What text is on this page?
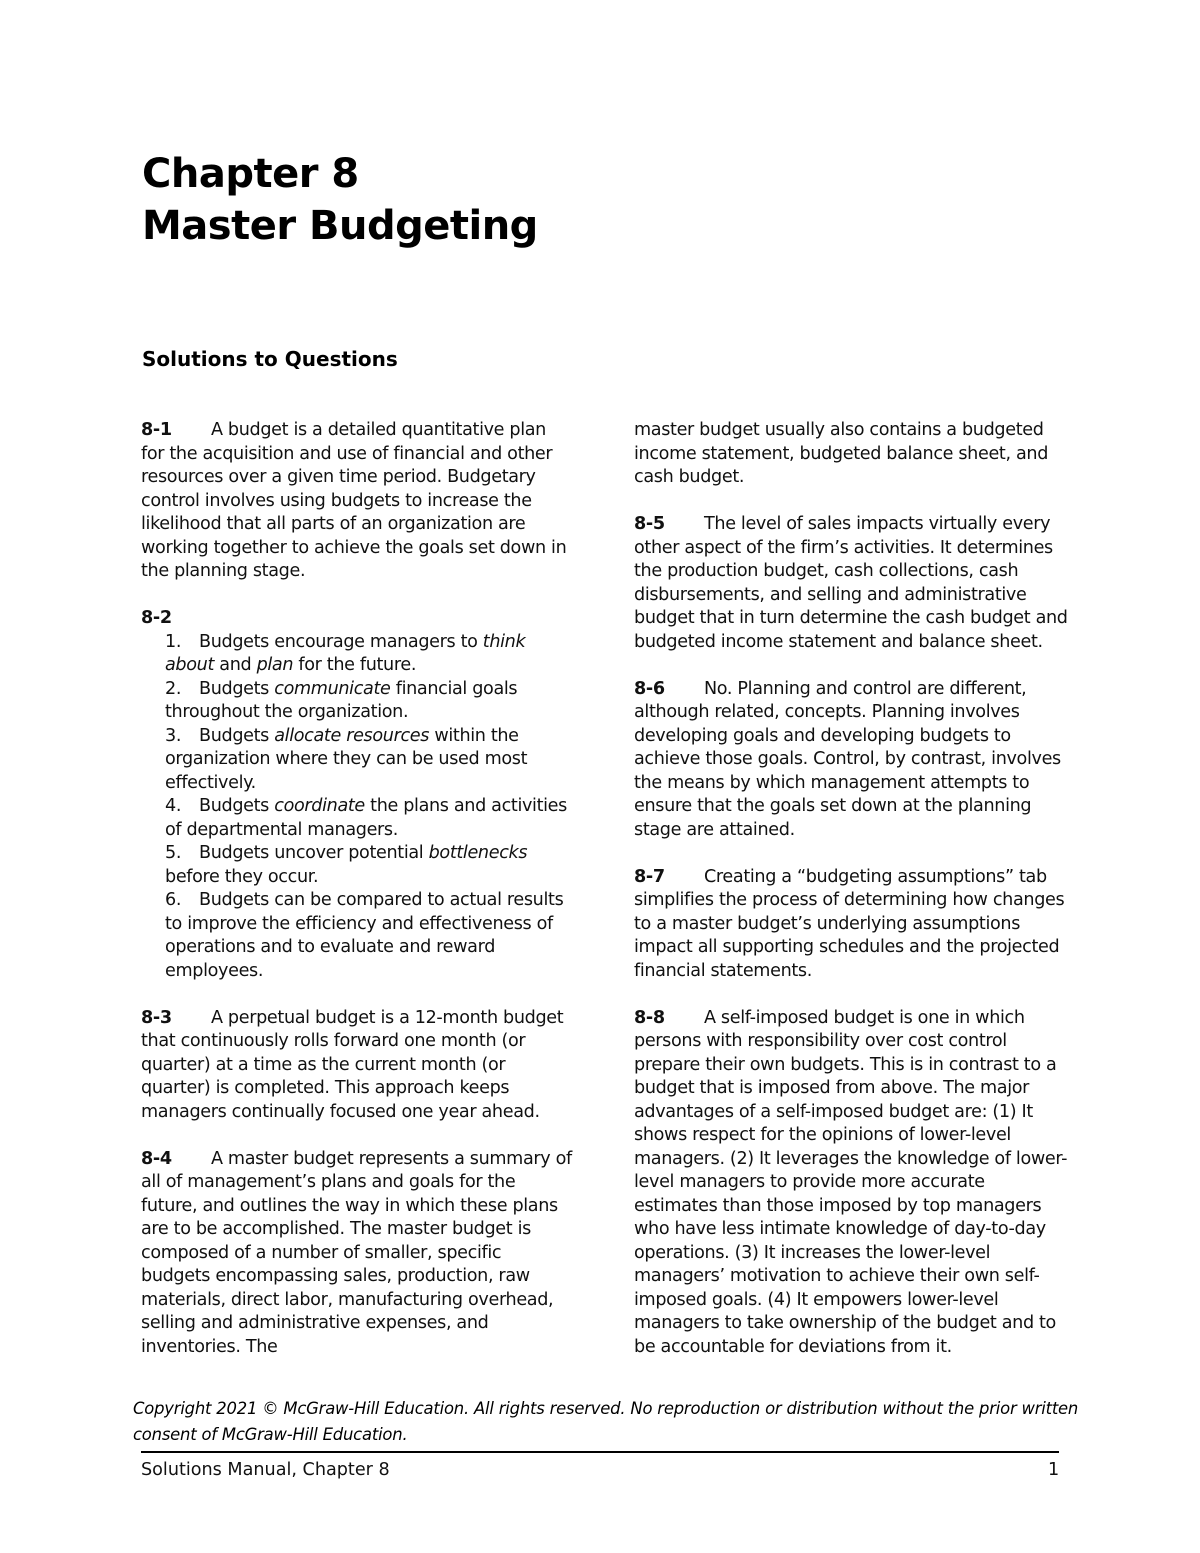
Chapter 8
Master Budgeting
Solutions to Questions

8-1 A budget is a detailed quantitative plan for the acquisition and use of financial and other resources over a given time period. Budgetary control involves using budgets to increase the likelihood that all parts of an organization are working together to achieve the goals set down in the planning stage.

8-2

1. Budgets encourage managers to think about and plan for the future.
2. Budgets communicate financial goals throughout the organization.
3. Budgets allocate resources within the organization where they can be used most effectively.
4. Budgets coordinate the plans and activities of departmental managers.
5. Budgets uncover potential bottlenecks before they occur.

6. Budgets can be compared to actual results to improve the efficiency and effectiveness of operations and to evaluate and reward employees.

8-3 A perpetual budget is a 12-month budget that continuously rolls forward one month (or quarter) at a time as the current month (or quarter) is completed. This approach keeps managers continually focused one year ahead.

8-4 A master budget represents a summary of all of management’s plans and goals for the future, and outlines the way in which these plans are to be accomplished. The master budget is composed of a number of smaller, specific budgets encompassing sales, production, raw materials, direct labor, manufacturing overhead, selling and administrative expenses, and inventories. The

master budget usually also contains a budgeted income statement, budgeted balance sheet, and cash budget.

8-5 The level of sales impacts virtually every other aspect of the firm’s activities. It determines the production budget, cash collections, cash disbursements, and selling and administrative budget that in turn determine the cash budget and budgeted income statement and balance sheet.

8-6 No. Planning and control are different, although related, concepts. Planning involves developing goals and developing budgets to achieve those goals. Control, by contrast, involves the means by which management attempts to ensure that the goals set down at the planning stage are attained.

8-7 Creating a “budgeting assumptions” tab simplifies the process of determining how changes to a master budget’s underlying assumptions impact all supporting schedules and the projected financial statements.

8-8 A self-imposed budget is one in which persons with responsibility over cost control prepare their own budgets. This is in contrast to a budget that is imposed from above. The major advantages of a self-imposed budget are: (1) It shows respect for the opinions of lower-level managers. (2) It leverages the knowledge of lower-level managers to provide more accurate estimates than those imposed by top managers who have less intimate knowledge of day-to-day operations. (3) It increases the lower-level managers’ motivation to achieve their own self-imposed goals. (4) It empowers lower-level managers to take ownership of the budget and to be accountable for deviations from it.

Copyright 2021 © McGraw-Hill Education. All rights reserved. No reproduction or distribution without the prior written consent of McGraw-Hill Education.
Solutions Manual, Chapter 8	1
